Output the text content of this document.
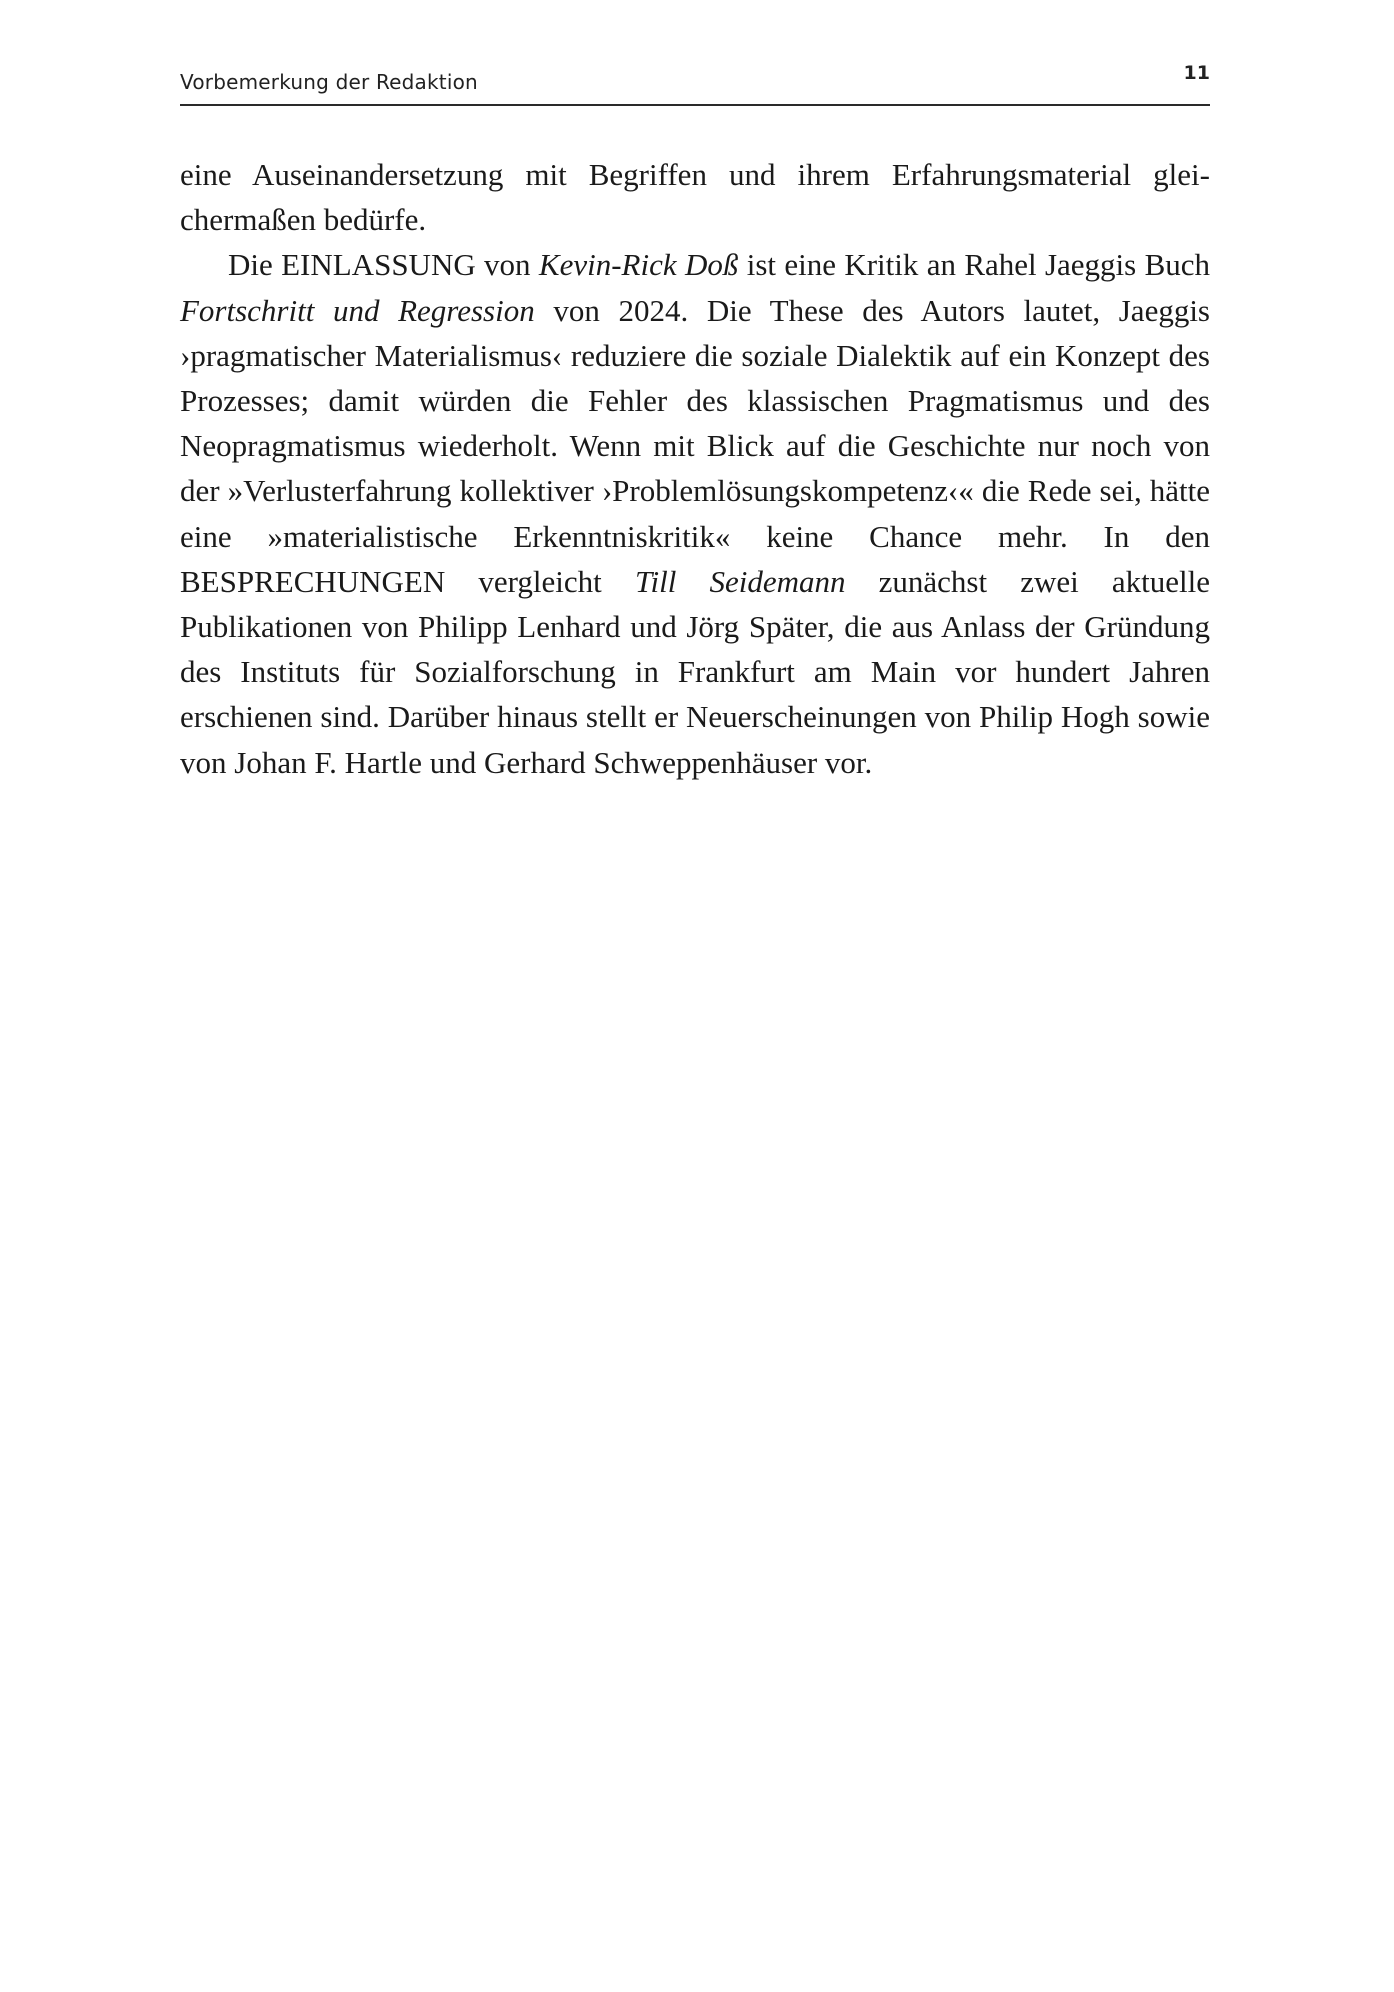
Vorbemerkung der Redaktion	11

eine Auseinandersetzung mit Begriffen und ihrem Erfahrungsmaterial gleichermaßen bedürfe.

Die EINLASSUNG von Kevin-Rick Doß ist eine Kritik an Rahel Jaeggis Buch Fortschritt und Regression von 2024. Die These des Autors lautet, Jaeggis ›pragmatischer Materialismus‹ reduziere die soziale Dialektik auf ein Konzept des Prozesses; damit würden die Fehler des klassischen Pragmatismus und des Neopragmatismus wiederholt. Wenn mit Blick auf die Geschichte nur noch von der »Verlusterfahrung kollektiver ›Problemlösungskompetenz‹« die Rede sei, hätte eine »materialistische Erkenntniskritik« keine Chance mehr. In den BESPRECHUNGEN vergleicht Till Seidemann zunächst zwei aktuelle Publikationen von Philipp Lenhard und Jörg Später, die aus Anlass der Gründung des Instituts für Sozialforschung in Frankfurt am Main vor hundert Jahren erschienen sind. Darüber hinaus stellt er Neuerscheinungen von Philip Hogh sowie von Johan F. Hartle und Gerhard Schweppenhäuser vor.
